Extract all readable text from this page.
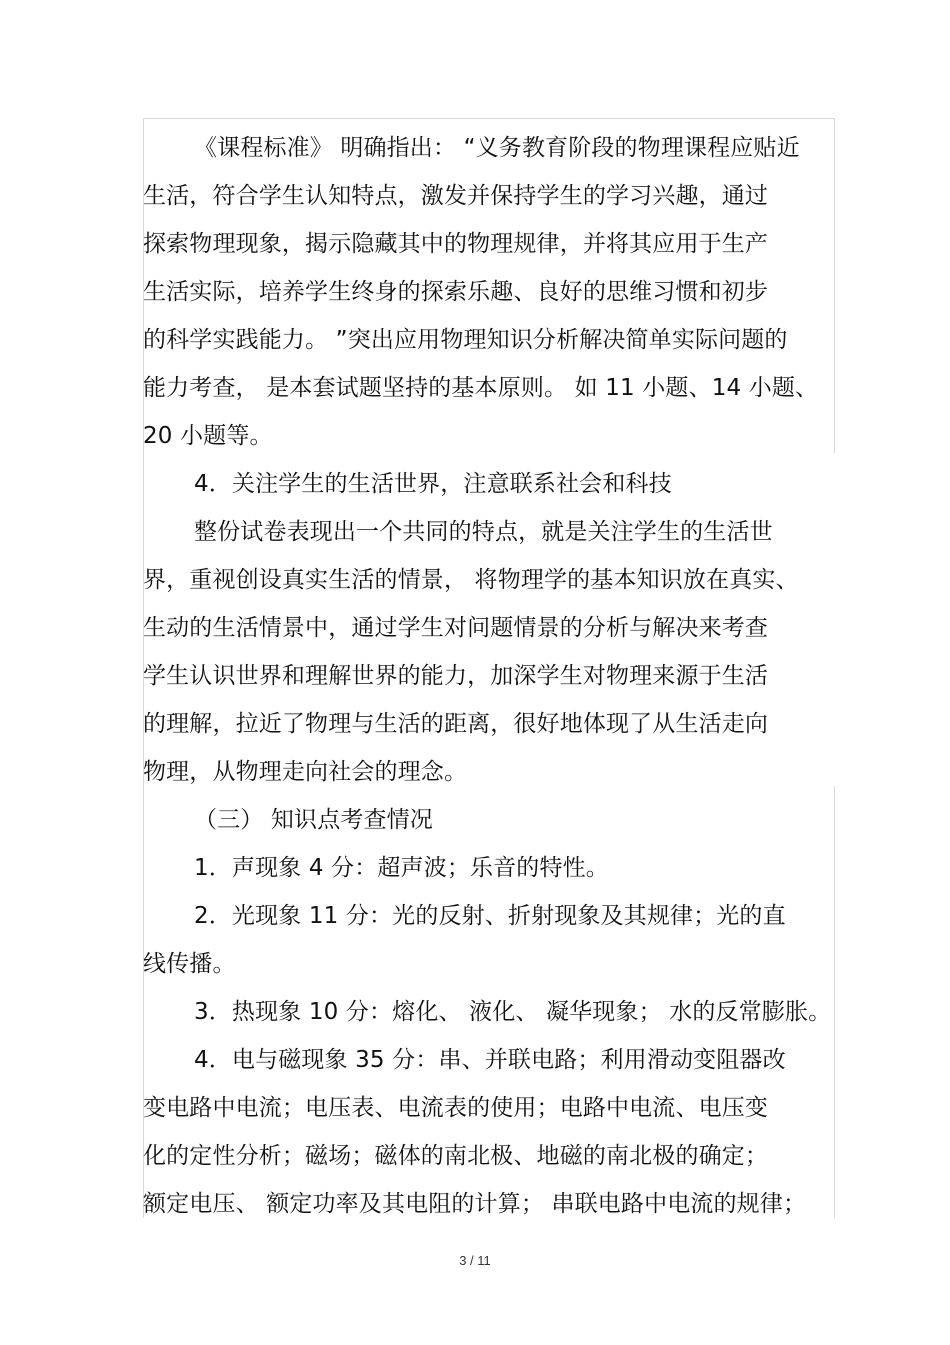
《课程标准》 明确指出： “义务教育阶段的物理课程应贴近

生活，符合学生认知特点，激发并保持学生的学习兴趣，通过

探索物理现象，揭示隐藏其中的物理规律，并将其应用于生产

生活实际，培养学生终身的探索乐趣、良好的思维习惯和初步

的科学实践能力。 ”突出应用物理知识分析解决简单实际问题的

能力考查， 是本套试题坚持的基本原则。 如 11 小题、14 小题、

20 小题等。

4．关注学生的生活世界，注意联系社会和科技

整份试卷表现出一个共同的特点，就是关注学生的生活世

界，重视创设真实生活的情景， 将物理学的基本知识放在真实、

生动的生活情景中，通过学生对问题情景的分析与解决来考查

学生认识世界和理解世界的能力，加深学生对物理来源于生活

的理解，拉近了物理与生活的距离，很好地体现了从生活走向

物理，从物理走向社会的理念。

（三） 知识点考查情况

1．声现象 4 分：超声波；乐音的特性。

2．光现象 11 分：光的反射、折射现象及其规律；光的直

线传播。

3．热现象 10 分：熔化、 液化、 凝华现象； 水的反常膨胀。

4．电与磁现象 35 分：串、并联电路；利用滑动变阻器改

变电路中电流；电压表、电流表的使用；电路中电流、电压变

化的定性分析；磁场；磁体的南北极、地磁的南北极的确定；

额定电压、 额定功率及其电阻的计算； 串联电路中电流的规律；

3 / 11
